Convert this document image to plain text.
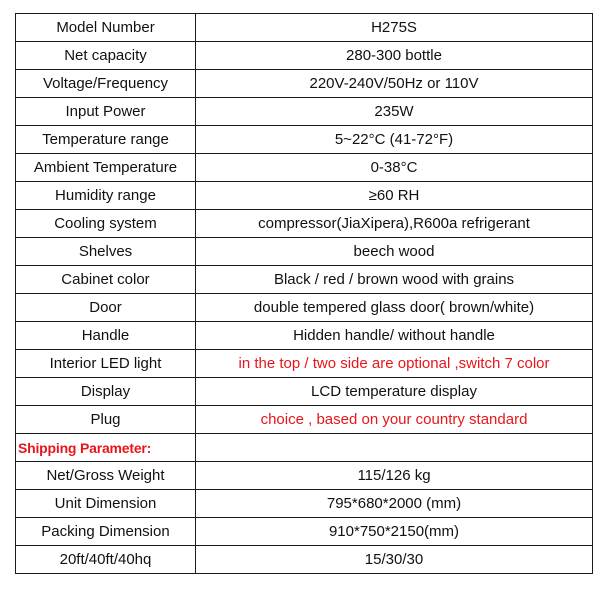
Model Number	H275S
Net capacity	280-300 bottle
Voltage/Frequency	220V-240V/50Hz or 110V
Input Power	235W
Temperature range	5~22°C (41-72°F)
Ambient Temperature	0-38°C
Humidity range	≥60 RH
Cooling system	compressor(JiaXipera),R600a refrigerant
Shelves	beech wood
Cabinet color	Black / red / brown wood with grains
Door	double tempered glass door( brown/white)
Handle	Hidden handle/ without handle
Interior LED light	in the top / two side are optional ,switch 7 color
Display	LCD temperature display
Plug	choice , based on your country standard
Shipping Parameter:	
Net/Gross Weight	115/126 kg
Unit Dimension	795*680*2000 (mm)
Packing Dimension	910*750*2150(mm)
20ft/40ft/40hq	15/30/30
